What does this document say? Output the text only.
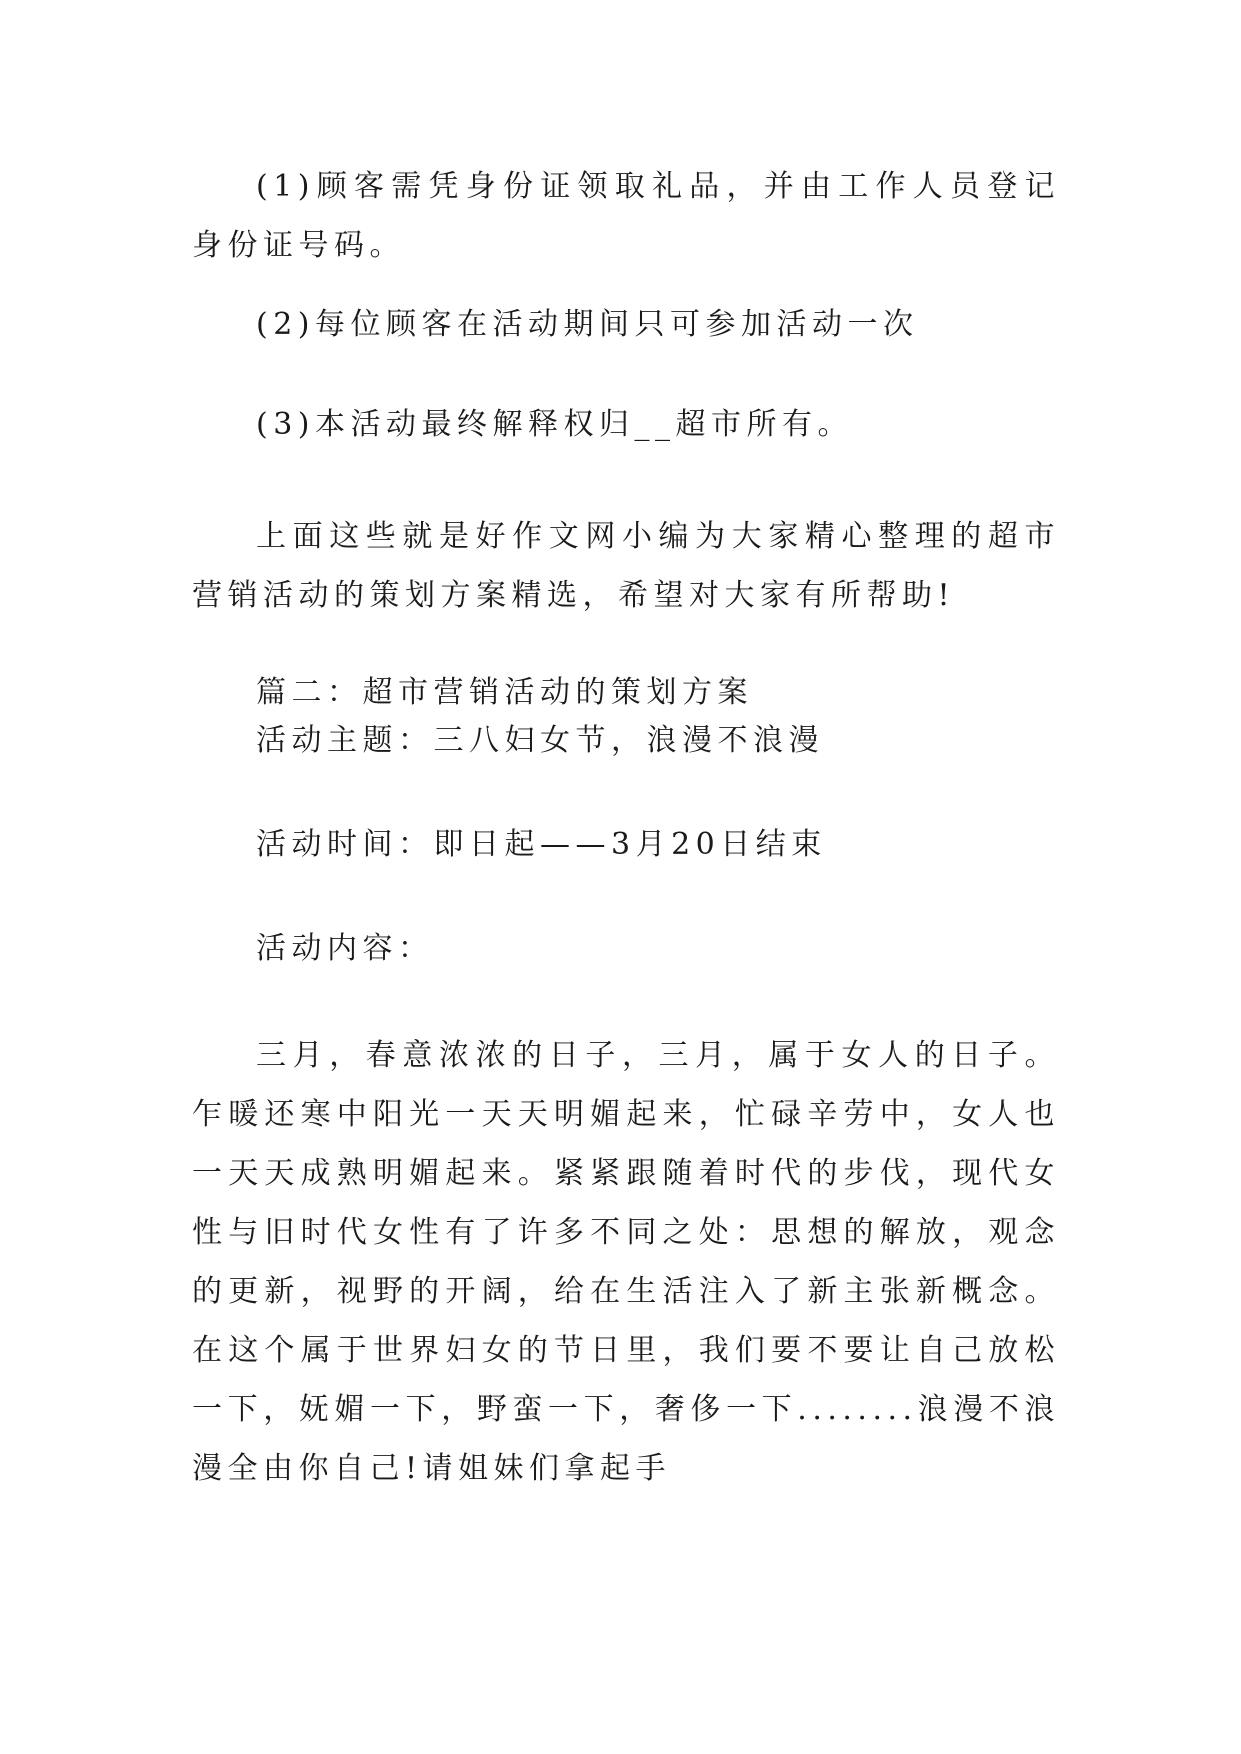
(1)顾客需凭身份证领取礼品，并由工作人员登记身份证号码。

(2)每位顾客在活动期间只可参加活动一次

(3)本活动最终解释权归__超市所有。

上面这些就是好作文网小编为大家精心整理的超市营销活动的策划方案精选，希望对大家有所帮助!

篇二：超市营销活动的策划方案

活动主题：三八妇女节，浪漫不浪漫

活动时间：即日起——3月20日结束

活动内容：

三月，春意浓浓的日子，三月，属于女人的日子。乍暖还寒中阳光一天天明媚起来，忙碌辛劳中，女人也一天天成熟明媚起来。紧紧跟随着时代的步伐，现代女性与旧时代女性有了许多不同之处：思想的解放，观念的更新，视野的开阔，给在生活注入了新主张新概念。在这个属于世界妇女的节日里，我们要不要让自己放松一下，妩媚一下，野蛮一下，奢侈一下........浪漫不浪漫全由你自己!请姐妹们拿起手
